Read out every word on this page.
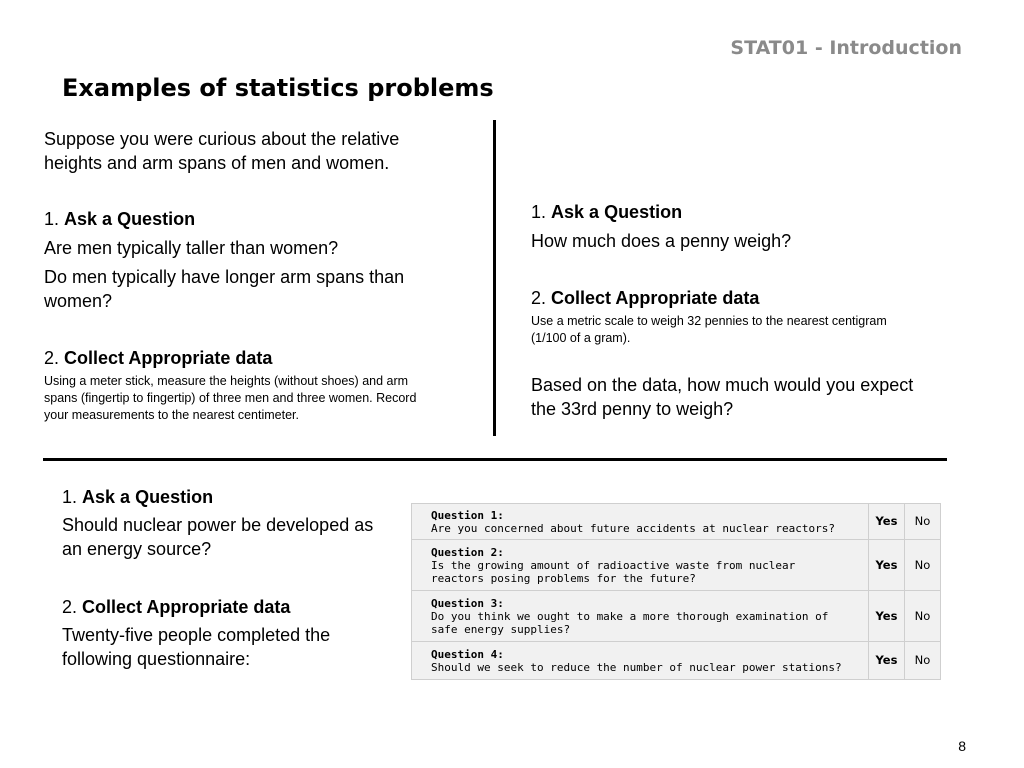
STAT01 - Introduction
Examples of statistics problems
Suppose you were curious about the relative
heights and arm spans of men and women.
1. Ask a Question
Are men typically taller than women?
Do men typically have longer arm spans than
women?
2. Collect Appropriate data
Using a meter stick, measure the heights (without shoes) and arm
spans (fingertip to fingertip) of three men and three women. Record
your measurements to the nearest centimeter.
1. Ask a Question
How much does a penny weigh?
2. Collect Appropriate data
Use a metric scale to weigh 32 pennies to the nearest centigram
(1/100 of a gram).
Based on the data, how much would you expect
the 33rd penny to weigh?
1. Ask a Question
Should nuclear power be developed as
an energy source?
2. Collect Appropriate data
Twenty-five people completed the
following questionnaire:
Question 1:
Are you concerned about future accidents at nuclear reactors?	Yes	No

Question 2:
Is the growing amount of radioactive waste from nuclear
reactors posing problems for the future?	Yes	No

Question 3:
Do you think we ought to make a more thorough examination of
safe energy supplies?	Yes	No

Question 4:
Should we seek to reduce the number of nuclear power stations?	Yes	No
8
